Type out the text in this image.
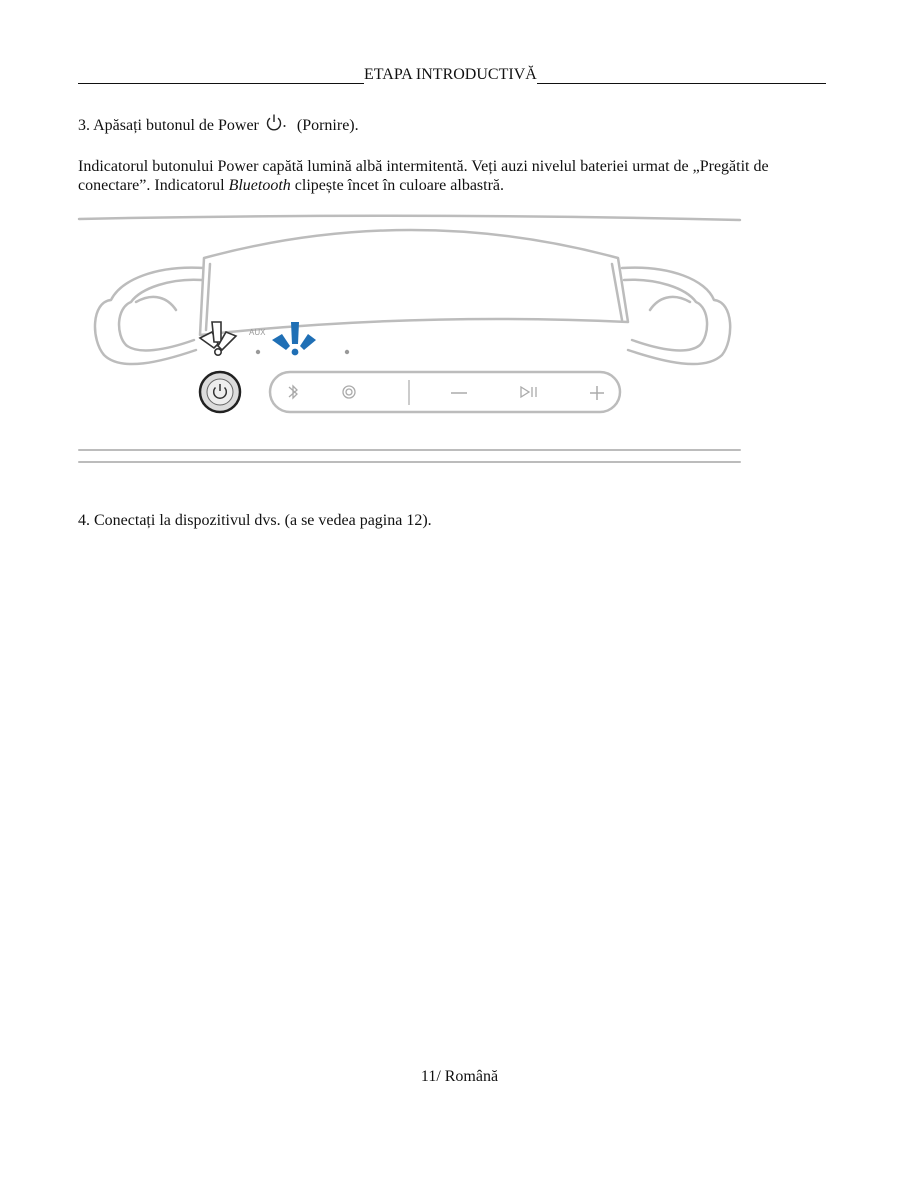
ETAPA INTRODUCTIVĂ
3. Apăsați butonul de Power (Pornire).
Indicatorul butonului Power capătă lumină albă intermitentă. Veți auzi nivelul bateriei urmat de „Pregătit de conectare”. Indicatorul Bluetooth clipește încet în culoare albastră.
AUX
4. Conectați la dispozitivul dvs. (a se vedea pagina 12).
11/ Română
